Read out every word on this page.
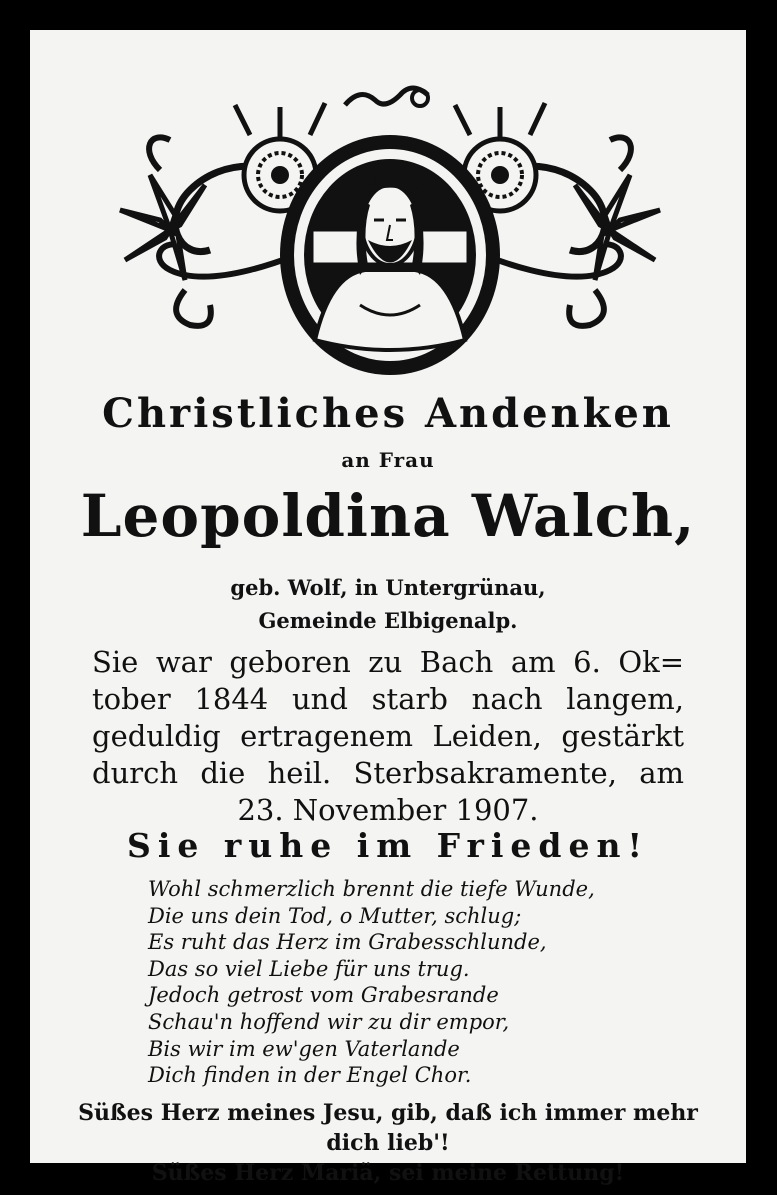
Christliches Andenken
an Frau
Leopoldina Walch,
geb. Wolf, in Untergrünau,
Gemeinde Elbigenalp.
Sie war geboren zu Bach am 6. Ok=
tober 1844 und starb nach langem,
geduldig ertragenem Leiden, gestärkt
durch die heil. Sterbsakramente, am
23. November 1907.
Sie ruhe im Frieden!
Wohl schmerzlich brennt die tiefe Wunde,
Die uns dein Tod, o Mutter, schlug;
Es ruht das Herz im Grabesschlunde,
Das so viel Liebe für uns trug.
Jedoch getrost vom Grabesrande
Schau'n hoffend wir zu dir empor,
Bis wir im ew'gen Vaterlande
Dich finden in der Engel Chor.
Süßes Herz meines Jesu, gib, daß ich immer mehr dich lieb'!
Süßes Herz Mariä, sei meine Rettung!
